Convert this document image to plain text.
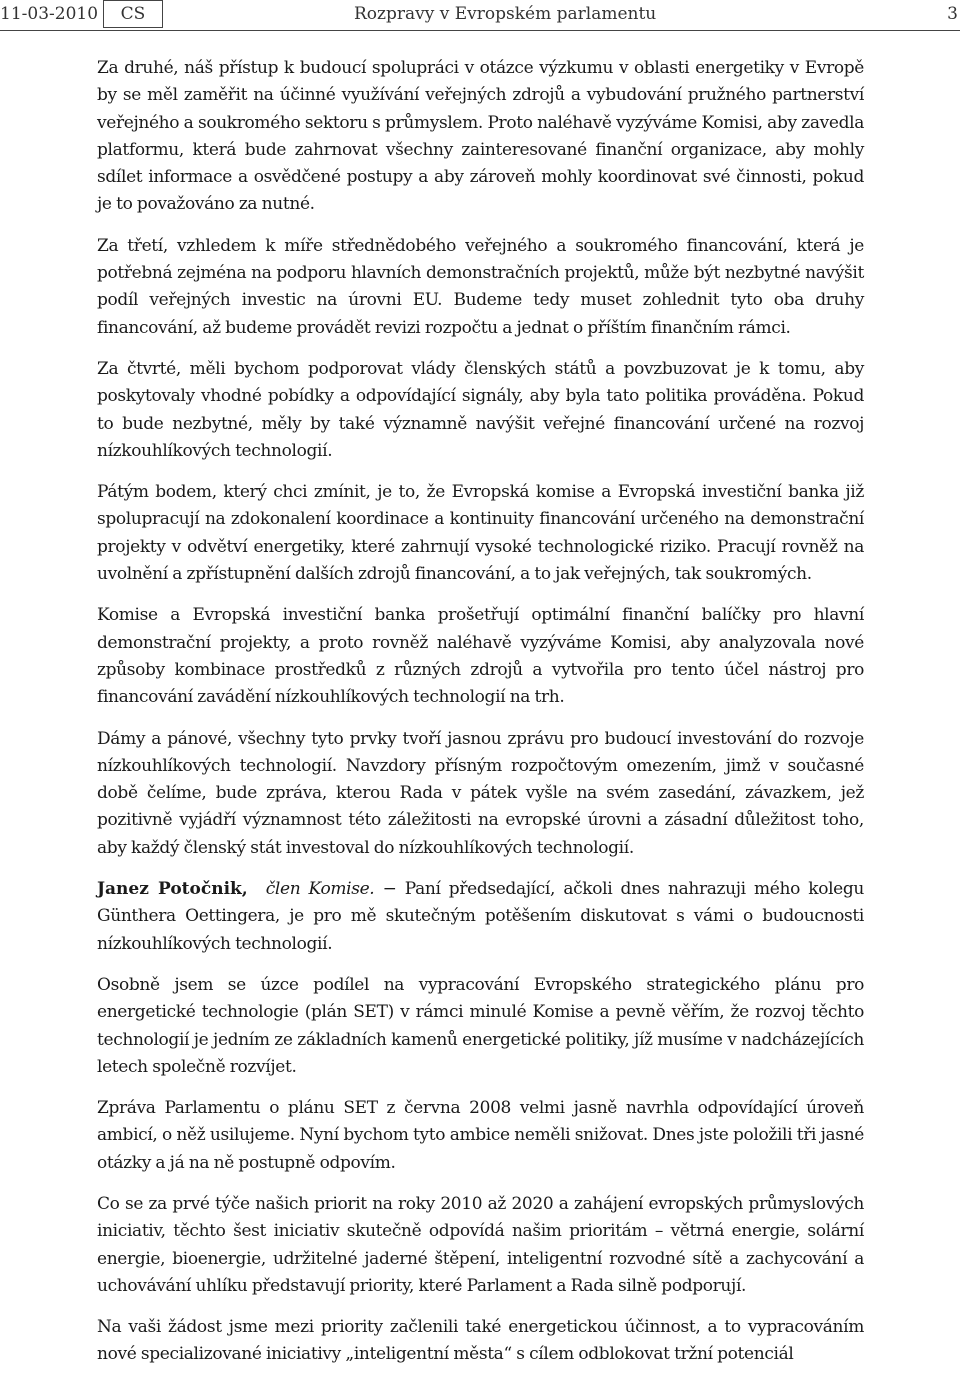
11-03-2010	CS	Rozpravy v Evropském parlamentu	3

Za druhé, náš přístup k budoucí spolupráci v otázce výzkumu v oblasti energetiky v Evropě by se měl zaměřit na účinné využívání veřejných zdrojů a vybudování pružného partnerství veřejného a soukromého sektoru s průmyslem. Proto naléhavě vyzýváme Komisi, aby zavedla platformu, která bude zahrnovat všechny zainteresované finanční organizace, aby mohly sdílet informace a osvědčené postupy a aby zároveň mohly koordinovat své činnosti, pokud je to považováno za nutné.

Za třetí, vzhledem k míře střednědobého veřejného a soukromého financování, která je potřebná zejména na podporu hlavních demonstračních projektů, může být nezbytné navýšit podíl veřejných investic na úrovni EU. Budeme tedy muset zohlednit tyto oba druhy financování, až budeme provádět revizi rozpočtu a jednat o příštím finančním rámci.

Za čtvrté, měli bychom podporovat vlády členských států a povzbuzovat je k tomu, aby poskytovaly vhodné pobídky a odpovídající signály, aby byla tato politika prováděna. Pokud to bude nezbytné, měly by také významně navýšit veřejné financování určené na rozvoj nízkouhlíkových technologií.

Pátým bodem, který chci zmínit, je to, že Evropská komise a Evropská investiční banka již spolupracují na zdokonalení koordinace a kontinuity financování určeného na demonstrační projekty v odvětví energetiky, které zahrnují vysoké technologické riziko. Pracují rovněž na uvolnění a zpřístupnění dalších zdrojů financování, a to jak veřejných, tak soukromých.

Komise a Evropská investiční banka prošetřují optimální finanční balíčky pro hlavní demonstrační projekty, a proto rovněž naléhavě vyzýváme Komisi, aby analyzovala nové způsoby kombinace prostředků z různých zdrojů a vytvořila pro tento účel nástroj pro financování zavádění nízkouhlíkových technologií na trh.

Dámy a pánové, všechny tyto prvky tvoří jasnou zprávu pro budoucí investování do rozvoje nízkouhlíkových technologií. Navzdory přísným rozpočtovým omezením, jimž v současné době čelíme, bude zpráva, kterou Rada v pátek vyšle na svém zasedání, závazkem, jež pozitivně vyjádří významnost této záležitosti na evropské úrovni a zásadní důležitost toho, aby každý členský stát investoval do nízkouhlíkových technologií.

Janez Potočnik, člen Komise. − Paní předsedající, ačkoli dnes nahrazuji mého kolegu Günthera Oettingera, je pro mě skutečným potěšením diskutovat s vámi o budoucnosti nízkouhlíkových technologií.

Osobně jsem se úzce podílel na vypracování Evropského strategického plánu pro energetické technologie (plán SET) v rámci minulé Komise a pevně věřím, že rozvoj těchto technologií je jedním ze základních kamenů energetické politiky, jíž musíme v nadcházejících letech společně rozvíjet.

Zpráva Parlamentu o plánu SET z června 2008 velmi jasně navrhla odpovídající úroveň ambicí, o něž usilujeme. Nyní bychom tyto ambice neměli snižovat. Dnes jste položili tři jasné otázky a já na ně postupně odpovím.

Co se za prvé týče našich priorit na roky 2010 až 2020 a zahájení evropských průmyslových iniciativ, těchto šest iniciativ skutečně odpovídá našim prioritám – větrná energie, solární energie, bioenergie, udržitelné jaderné štěpení, inteligentní rozvodné sítě a zachycování a uchovávání uhlíku představují priority, které Parlament a Rada silně podporují.

Na vaši žádost jsme mezi priority začlenili také energetickou účinnost, a to vypracováním nové specializované iniciativy „inteligentní města“ s cílem odblokovat tržní potenciál
